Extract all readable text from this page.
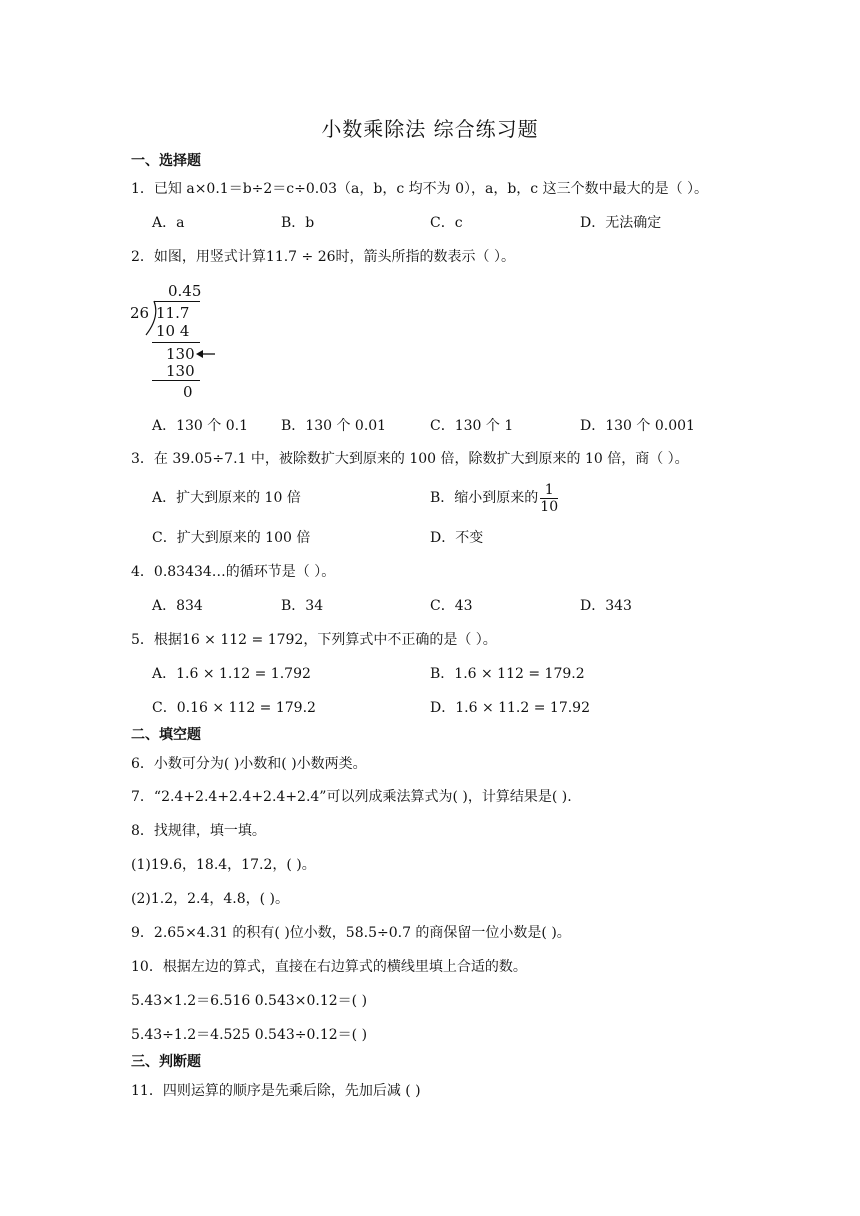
小数乘除法 综合练习题
一、选择题
1．已知 a×0.1＝b÷2＝c÷0.03（a，b，c 均不为 0），a，b，c 这三个数中最大的是（ ）。
A．a	B．b	C．c	D．无法确定
2．如图，用竖式计算11.7 ÷ 26时，箭头所指的数表示（ ）。
0.45
26 11.7
10 4
130
130
0
A．130 个 0.1 B．130 个 0.01	C．130 个 1	D．130 个 0.001
3．在 39.05÷7.1 中，被除数扩大到原来的 100 倍，除数扩大到原来的 10 倍，商（ ）。
A．扩大到原来的 10 倍	B．缩小到原来的 $\frac{1}{10}$
C．扩大到原来的 100 倍	D．不变
4．0.83434…的循环节是（ ）。
A．834	B．34	C．43	D．343
5．根据16 × 112 = 1792，下列算式中不正确的是（ ）。
A．1.6 × 1.12 = 1.792	B．1.6 × 112 = 179.2
C．0.16 × 112 = 179.2	D．1.6 × 11.2 = 17.92
二、填空题
6．小数可分为( )小数和( )小数两类。
7．“2.4+2.4+2.4+2.4+2.4”可以列成乘法算式为( )，计算结果是( ).
8．找规律，填一填。
(1)19.6，18.4，17.2，( )。
(2)1.2，2.4，4.8，( )。
9．2.65×4.31 的积有( )位小数，58.5÷0.7 的商保留一位小数是( )。
10．根据左边的算式，直接在右边算式的横线里填上合适的数。
5.43×1.2＝6.516 0.543×0.12＝( )
5.43÷1.2＝4.525 0.543÷0.12＝( )
三、判断题
11．四则运算的顺序是先乘后除，先加后减 ( )
